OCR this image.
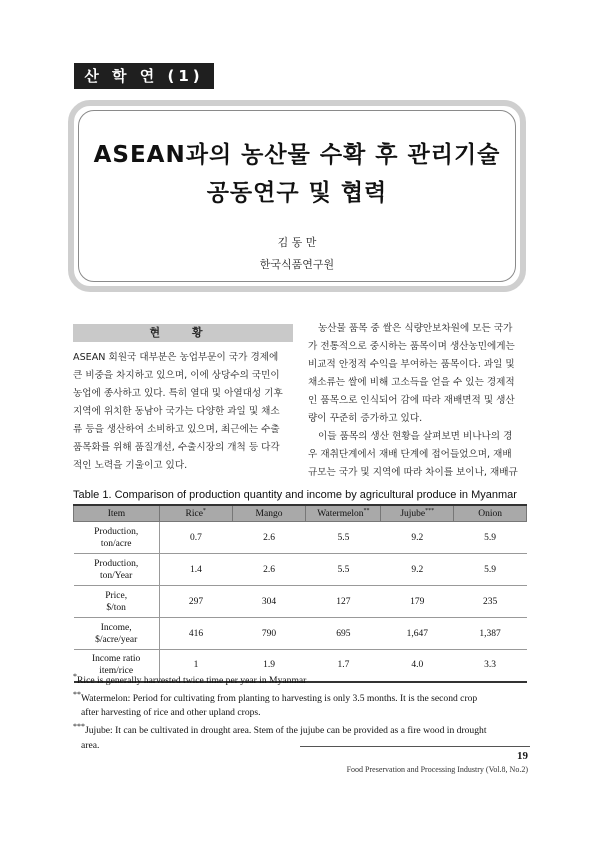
산 학 연 (1)
ASEAN과의 농산물 수확 후 관리기술
공동연구 및 협력
김 동 만
한국식품연구원
현 황
ASEAN 회원국 대부분은 농업부문이 국가 경제에
큰 비중을 차지하고 있으며, 이에 상당수의 국민이
농업에 종사하고 있다. 특히 열대 및 아열대성 기후
지역에 위치한 동남아 국가는 다양한 과일 및 채소
류 등을 생산하여 소비하고 있으며, 최근에는 수출
품목화를 위해 품질개선, 수출시장의 개척 등 다각
적인 노력을 기울이고 있다.
농산물 품목 중 쌀은 식량안보차원에 모든 국가
가 전통적으로 중시하는 품목이며 생산농민에게는
비교적 안정적 수익을 부여하는 품목이다. 과일 및
채소류는 쌀에 비해 고소득을 얻을 수 있는 경제적
인 품목으로 인식되어 감에 따라 재배면적 및 생산
량이 꾸준히 증가하고 있다.
이들 품목의 생산 현황을 살펴보면 비나나의 경
우 재취단계에서 재배 단계에 접어들었으며, 재배
규모는 국가 및 지역에 따라 차이를 보이나, 재배규
Table 1. Comparison of production quantity and income by agricultural produce in Myanmar
Item	Rice*	Mango	Watermelon**	Jujube***	Onion

Production,
ton/acre	0.7	2.6	5.5	9.2	5.9

Production,
ton/Year	1.4	2.6	5.5	9.2	5.9

Price,
$/ton	297	304	127	179	235

Income,
$/acre/year	416	790	695	1,647	1,387

Income ratio
item/rice	1	1.9	1.7	4.0	3.3
*Rice is generally harvested twice time per year in Myanmar
**Watermelon: Period for cultivating from planting to harvesting is only 3.5 months. It is the second crop
after harvesting of rice and other upland crops.
***Jujube: It can be cultivated in drought area. Stem of the jujube can be provided as a fire wood in drought
area.
19
Food Preservation and Processing Industry (Vol.8, No.2)
